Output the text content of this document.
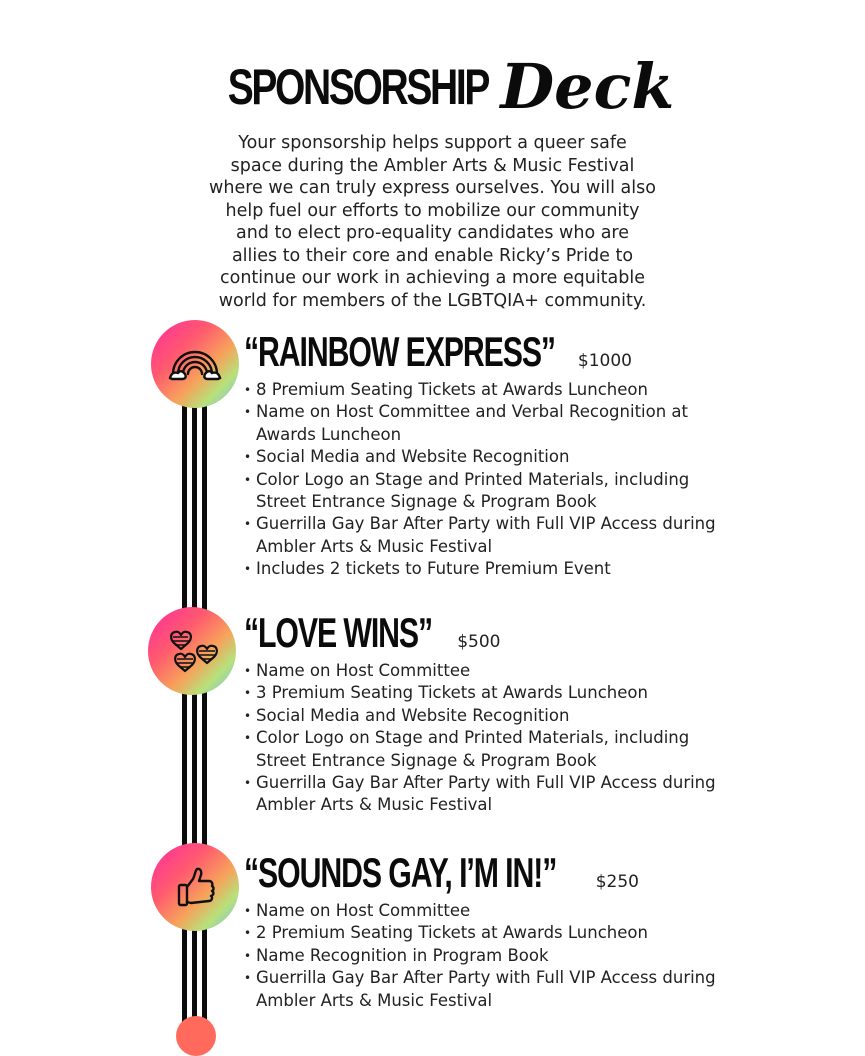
SPONSORSHIP Deck
Your sponsorship helps support a queer safe
space during the Ambler Arts & Music Festival
where we can truly express ourselves. You will also
help fuel our efforts to mobilize our community
and to elect pro-equality candidates who are
allies to their core and enable Ricky’s Pride to
continue our work in achieving a more equitable
world for members of the LGBTQIA+ community.
“RAINBOW EXPRESS” $1000
• 8 Premium Seating Tickets at Awards Luncheon
• Name on Host Committee and Verbal Recognition at Awards Luncheon
• Social Media and Website Recognition
• Color Logo an Stage and Printed Materials, including Street Entrance Signage & Program Book
• Guerrilla Gay Bar After Party with Full VIP Access during Ambler Arts & Music Festival
• Includes 2 tickets to Future Premium Event
“LOVE WINS” $500
• Name on Host Committee
• 3 Premium Seating Tickets at Awards Luncheon
• Social Media and Website Recognition
• Color Logo on Stage and Printed Materials, including Street Entrance Signage & Program Book
• Guerrilla Gay Bar After Party with Full VIP Access during Ambler Arts & Music Festival
“SOUNDS GAY, I’M IN!” $250
• Name on Host Committee
• 2 Premium Seating Tickets at Awards Luncheon
• Name Recognition in Program Book
• Guerrilla Gay Bar After Party with Full VIP Access during Ambler Arts & Music Festival
